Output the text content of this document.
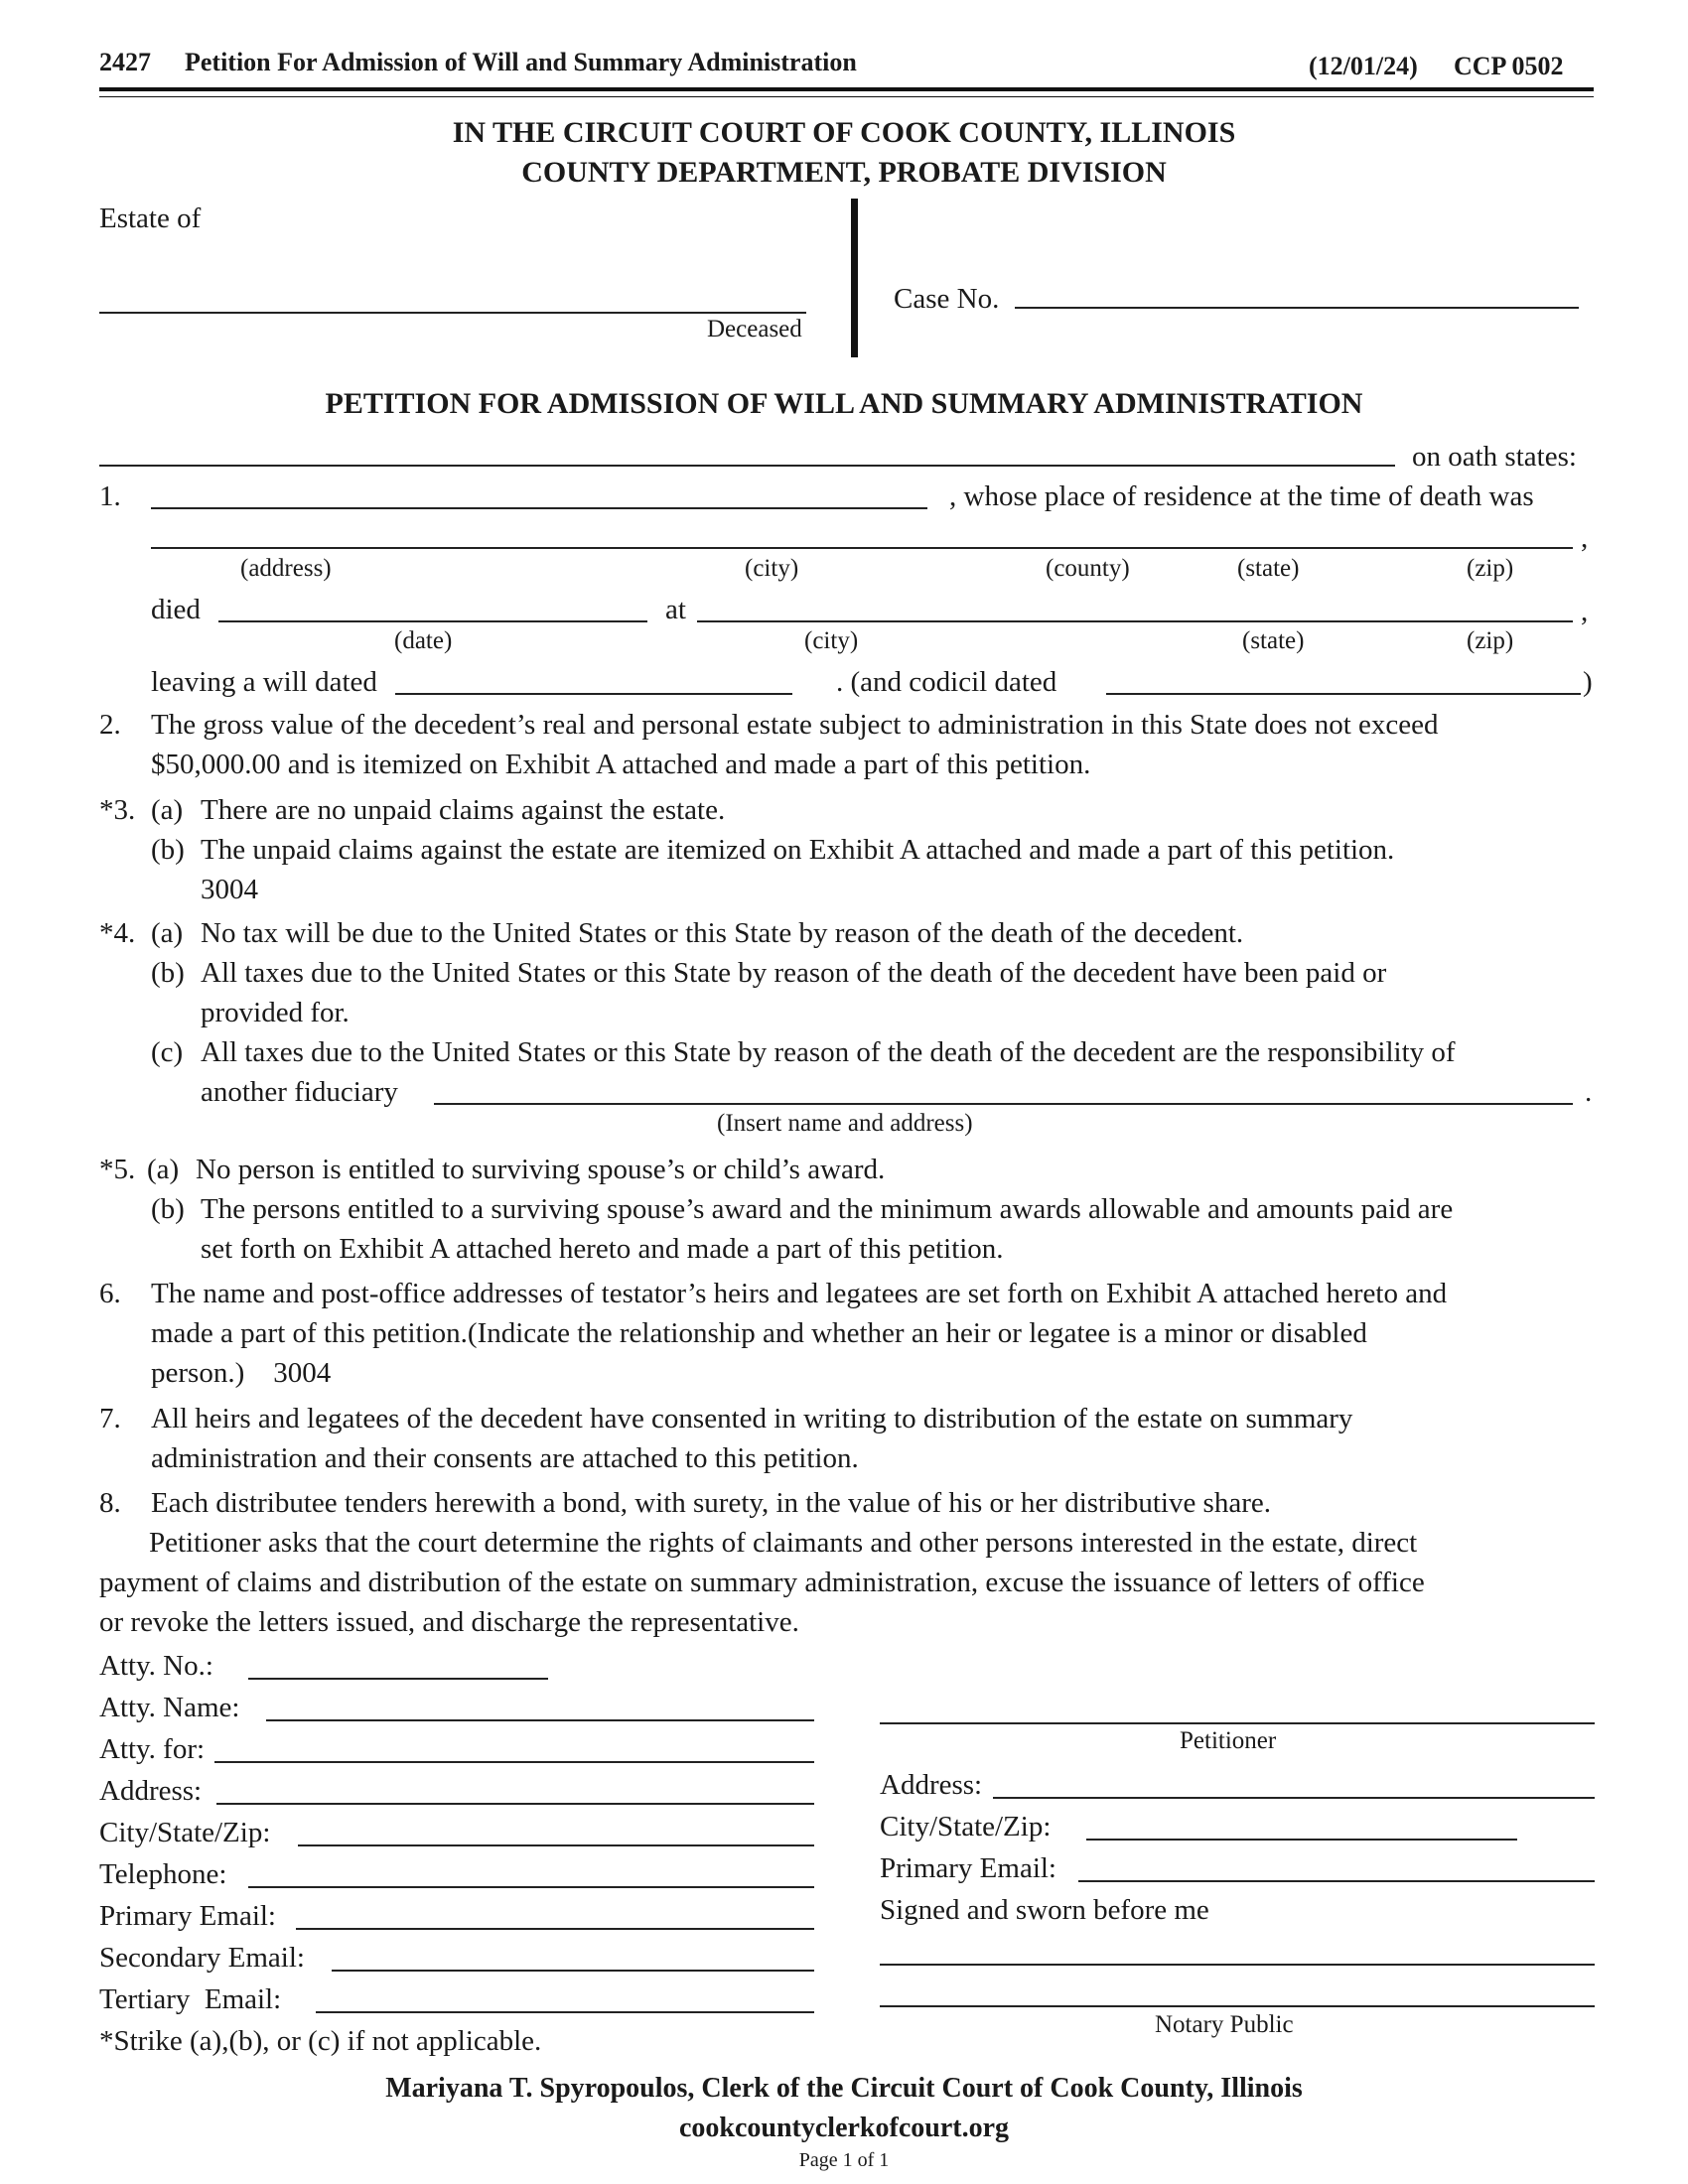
2427 Petition For Admission of Will and Summary Administration	(12/01/24) CCP 0502
IN THE CIRCUIT COURT OF COOK COUNTY, ILLINOIS
COUNTY DEPARTMENT, PROBATE DIVISION
Estate of
Deceased
Case No.
PETITION FOR ADMISSION OF WILL AND SUMMARY ADMINISTRATION
on oath states:
1.	, whose place of residence at the time of death was
,
(address)	(city)	(county)	(state)	(zip)
died	at	,
(date)	(city)	(state)	(zip)
leaving a will dated	. (and codicil dated	)
2. The gross value of the decedent’s real and personal estate subject to administration in this State does not exceed
$50,000.00 and is itemized on Exhibit A attached and made a part of this petition.
*3. (a) There are no unpaid claims against the estate.
(b) The unpaid claims against the estate are itemized on Exhibit A attached and made a part of this petition.
3004
*4. (a) No tax will be due to the United States or this State by reason of the death of the decedent.
(b) All taxes due to the United States or this State by reason of the death of the decedent have been paid or
provided for.
(c) All taxes due to the United States or this State by reason of the death of the decedent are the responsibility of
another fiduciary	.
(Insert name and address)
*5. (a) No person is entitled to surviving spouse’s or child’s award.
(b) The persons entitled to a surviving spouse’s award and the minimum awards allowable and amounts paid are
set forth on Exhibit A attached hereto and made a part of this petition.
6. The name and post-office addresses of testator’s heirs and legatees are set forth on Exhibit A attached hereto and
made a part of this petition.(Indicate the relationship and whether an heir or legatee is a minor or disabled
person.)    3004
7. All heirs and legatees of the decedent have consented in writing to distribution of the estate on summary
administration and their consents are attached to this petition.
8. Each distributee tenders herewith a bond, with surety, in the value of his or her distributive share.
Petitioner asks that the court determine the rights of claimants and other persons interested in the estate, direct
payment of claims and distribution of the estate on summary administration, excuse the issuance of letters of office
or revoke the letters issued, and discharge the representative.
Atty. No.:
Atty. Name:
Atty. for:
Address:
City/State/Zip:
Telephone:
Primary Email:
Secondary Email:
Tertiary  Email:
*Strike (a),(b), or (c) if not applicable.
Petitioner
Address:
City/State/Zip:
Primary Email:
Signed and sworn before me
Notary Public
Mariyana T. Spyropoulos, Clerk of the Circuit Court of Cook County, Illinois
cookcountyclerkofcourt.org
Page 1 of 1
